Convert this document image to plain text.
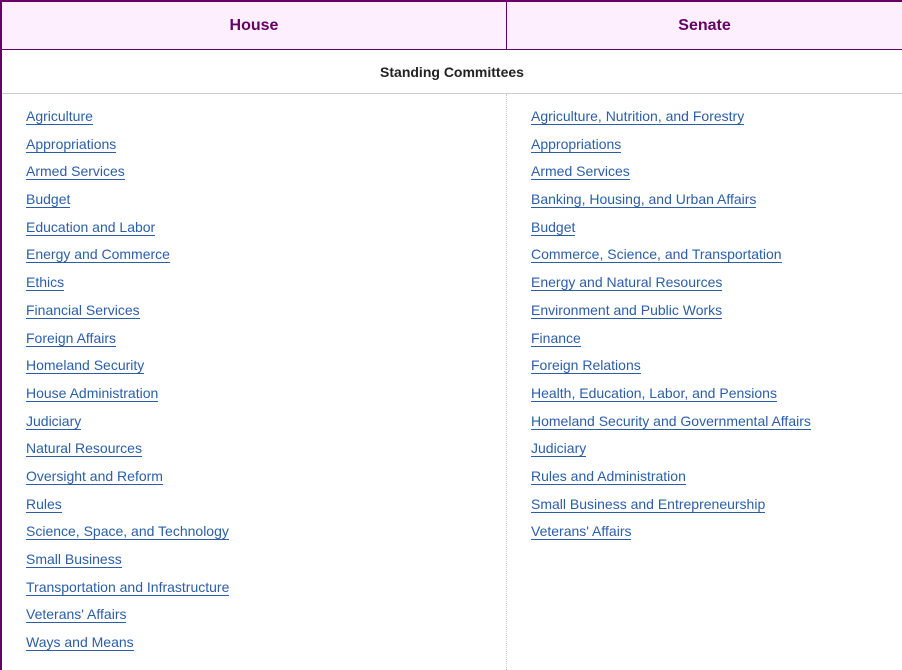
House	Senate
Standing Committees
Agriculture
Appropriations
Armed Services
Budget
Education and Labor
Energy and Commerce
Ethics
Financial Services
Foreign Affairs
Homeland Security
House Administration
Judiciary
Natural Resources
Oversight and Reform
Rules
Science, Space, and Technology
Small Business
Transportation and Infrastructure
Veterans' Affairs
Ways and Means
Agriculture, Nutrition, and Forestry
Appropriations
Armed Services
Banking, Housing, and Urban Affairs
Budget
Commerce, Science, and Transportation
Energy and Natural Resources
Environment and Public Works
Finance
Foreign Relations
Health, Education, Labor, and Pensions
Homeland Security and Governmental Affairs
Judiciary
Rules and Administration
Small Business and Entrepreneurship
Veterans' Affairs
